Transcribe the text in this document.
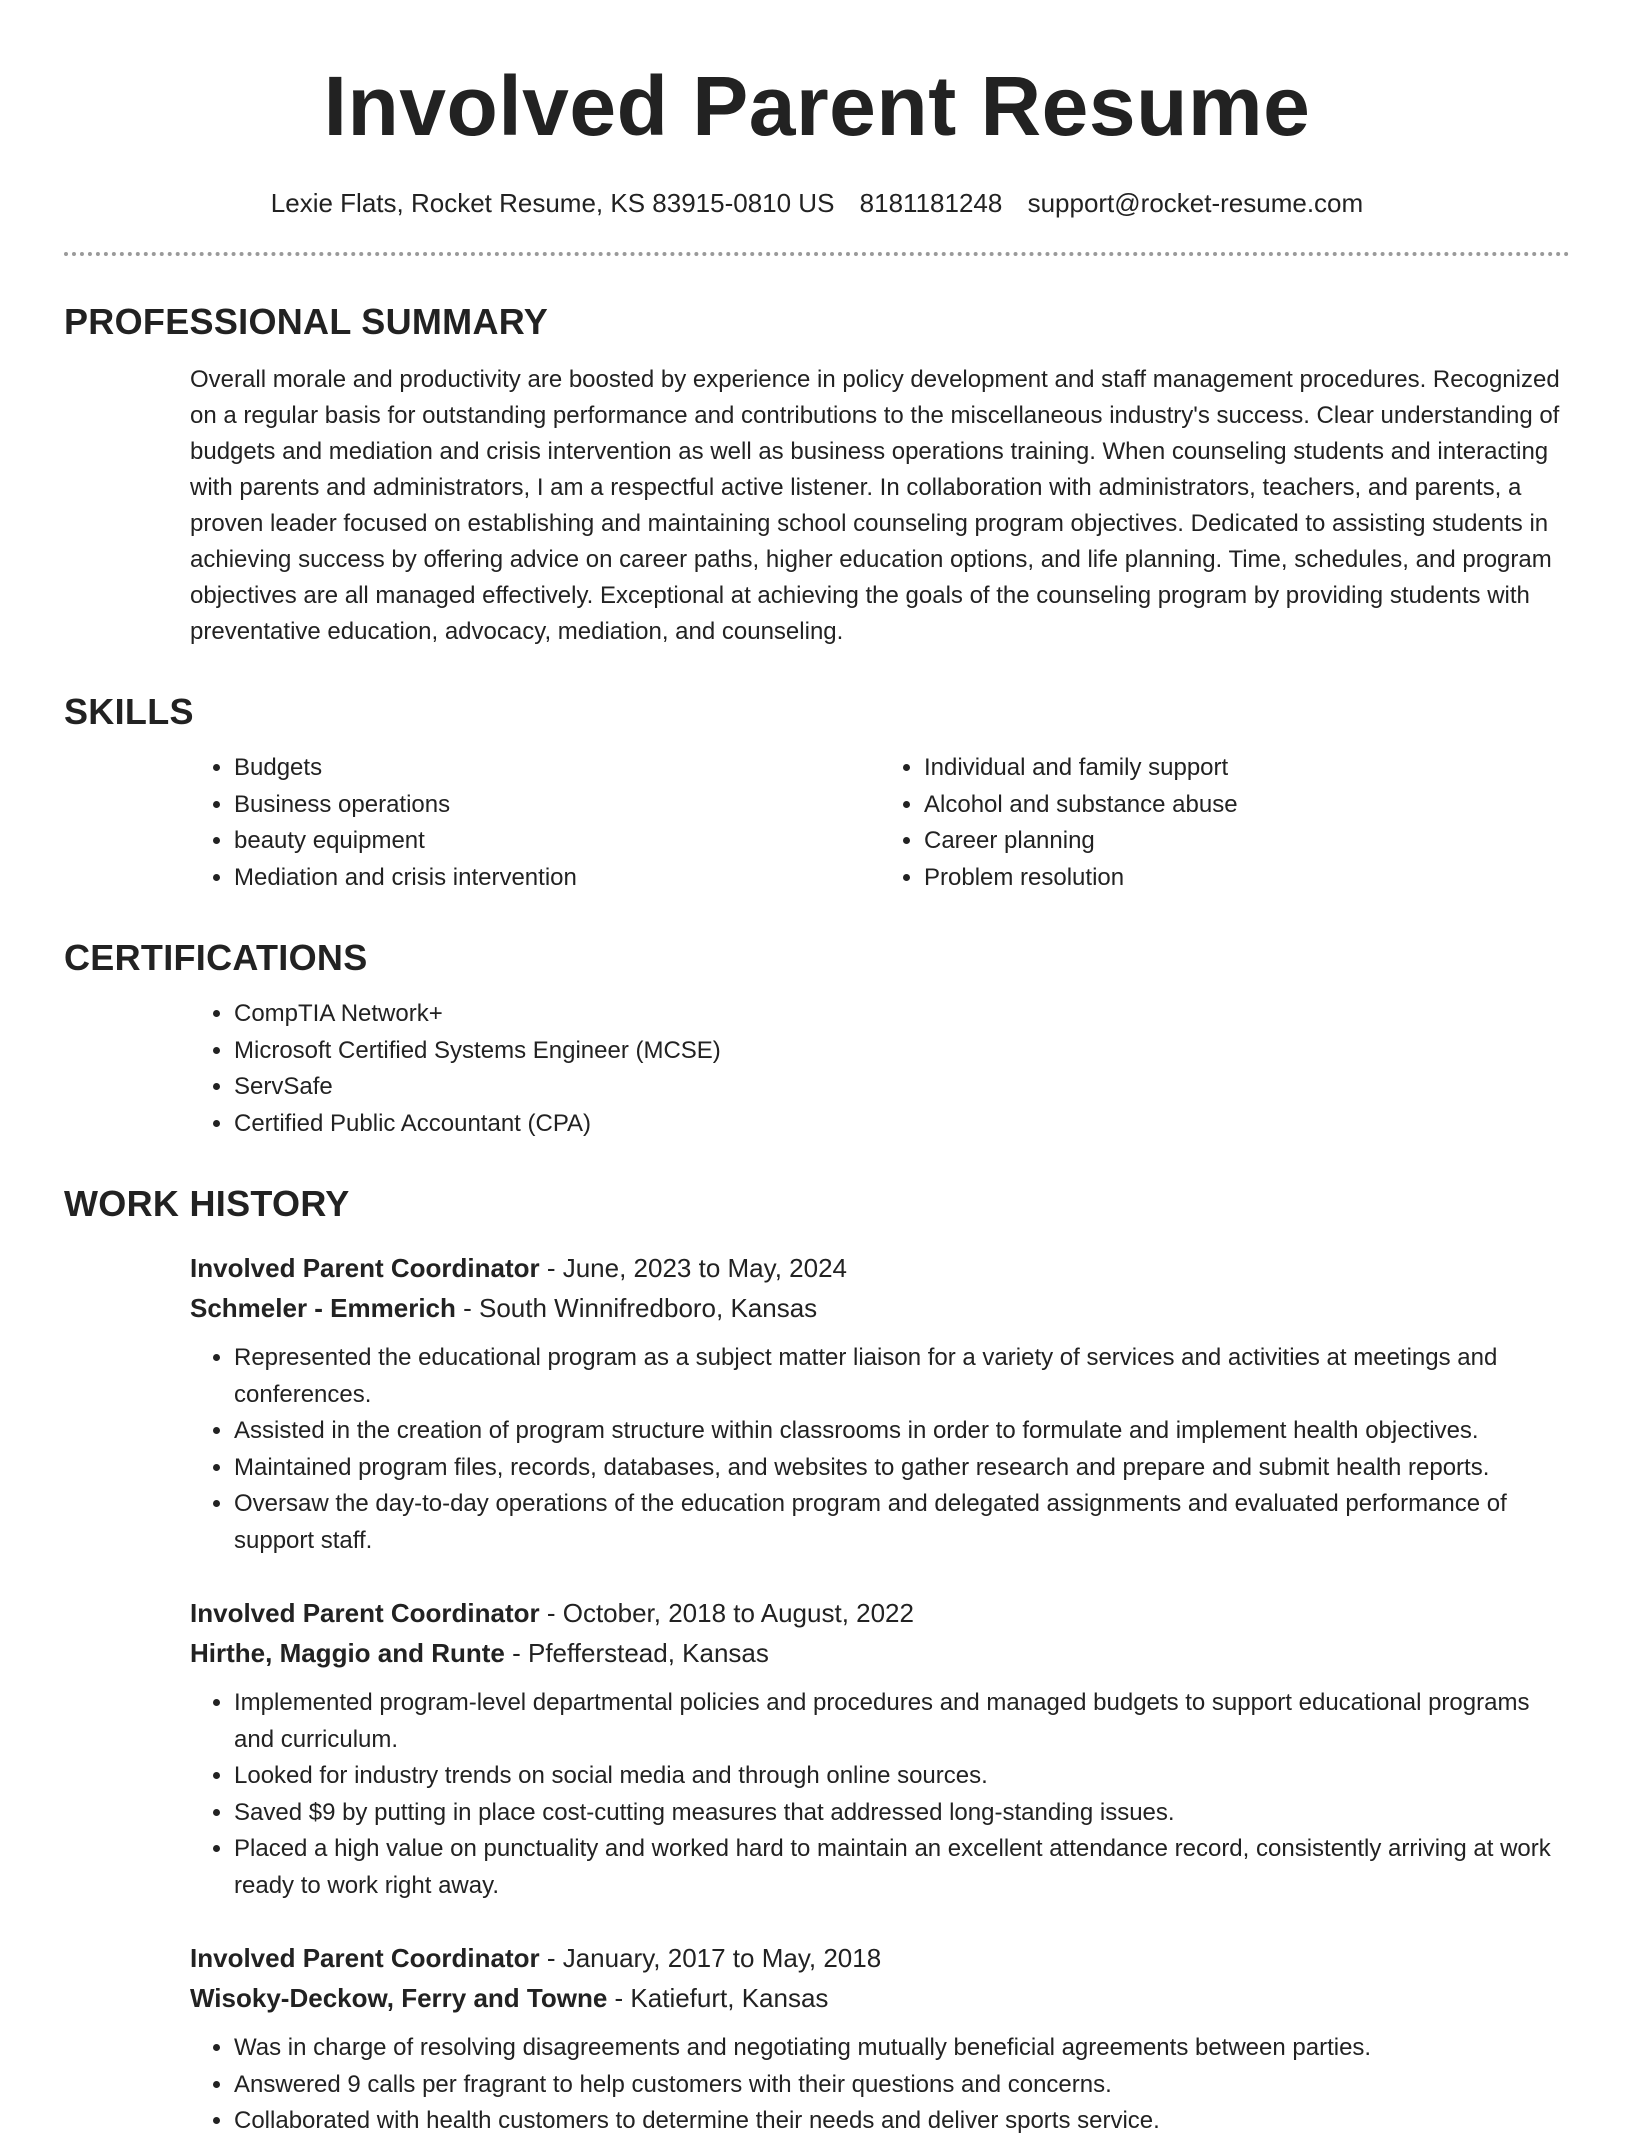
Involved Parent Resume
Lexie Flats, Rocket Resume, KS 83915-0810 US 8181181248 support@rocket-resume.com
PROFESSIONAL SUMMARY
Overall morale and productivity are boosted by experience in policy development and staff management procedures. Recognized on a regular basis for outstanding performance and contributions to the miscellaneous industry's success. Clear understanding of budgets and mediation and crisis intervention as well as business operations training. When counseling students and interacting with parents and administrators, I am a respectful active listener. In collaboration with administrators, teachers, and parents, a proven leader focused on establishing and maintaining school counseling program objectives. Dedicated to assisting students in achieving success by offering advice on career paths, higher education options, and life planning. Time, schedules, and program objectives are all managed effectively. Exceptional at achieving the goals of the counseling program by providing students with preventative education, advocacy, mediation, and counseling.
SKILLS
• Budgets
• Business operations
• beauty equipment
• Mediation and crisis intervention
• Individual and family support
• Alcohol and substance abuse
• Career planning
• Problem resolution
CERTIFICATIONS
• CompTIA Network+
• Microsoft Certified Systems Engineer (MCSE)
• ServSafe
• Certified Public Accountant (CPA)
WORK HISTORY
Involved Parent Coordinator - June, 2023 to May, 2024
Schmeler - Emmerich - South Winnifredboro, Kansas
• Represented the educational program as a subject matter liaison for a variety of services and activities at meetings and conferences.
• Assisted in the creation of program structure within classrooms in order to formulate and implement health objectives.
• Maintained program files, records, databases, and websites to gather research and prepare and submit health reports.
• Oversaw the day-to-day operations of the education program and delegated assignments and evaluated performance of support staff.
Involved Parent Coordinator - October, 2018 to August, 2022
Hirthe, Maggio and Runte - Pfefferstead, Kansas
• Implemented program-level departmental policies and procedures and managed budgets to support educational programs and curriculum.
• Looked for industry trends on social media and through online sources.
• Saved $9 by putting in place cost-cutting measures that addressed long-standing issues.
• Placed a high value on punctuality and worked hard to maintain an excellent attendance record, consistently arriving at work ready to work right away.
Involved Parent Coordinator - January, 2017 to May, 2018
Wisoky-Deckow, Ferry and Towne - Katiefurt, Kansas
• Was in charge of resolving disagreements and negotiating mutually beneficial agreements between parties.
• Answered 9 calls per fragrant to help customers with their questions and concerns.
• Collaborated with health customers to determine their needs and deliver sports service.
